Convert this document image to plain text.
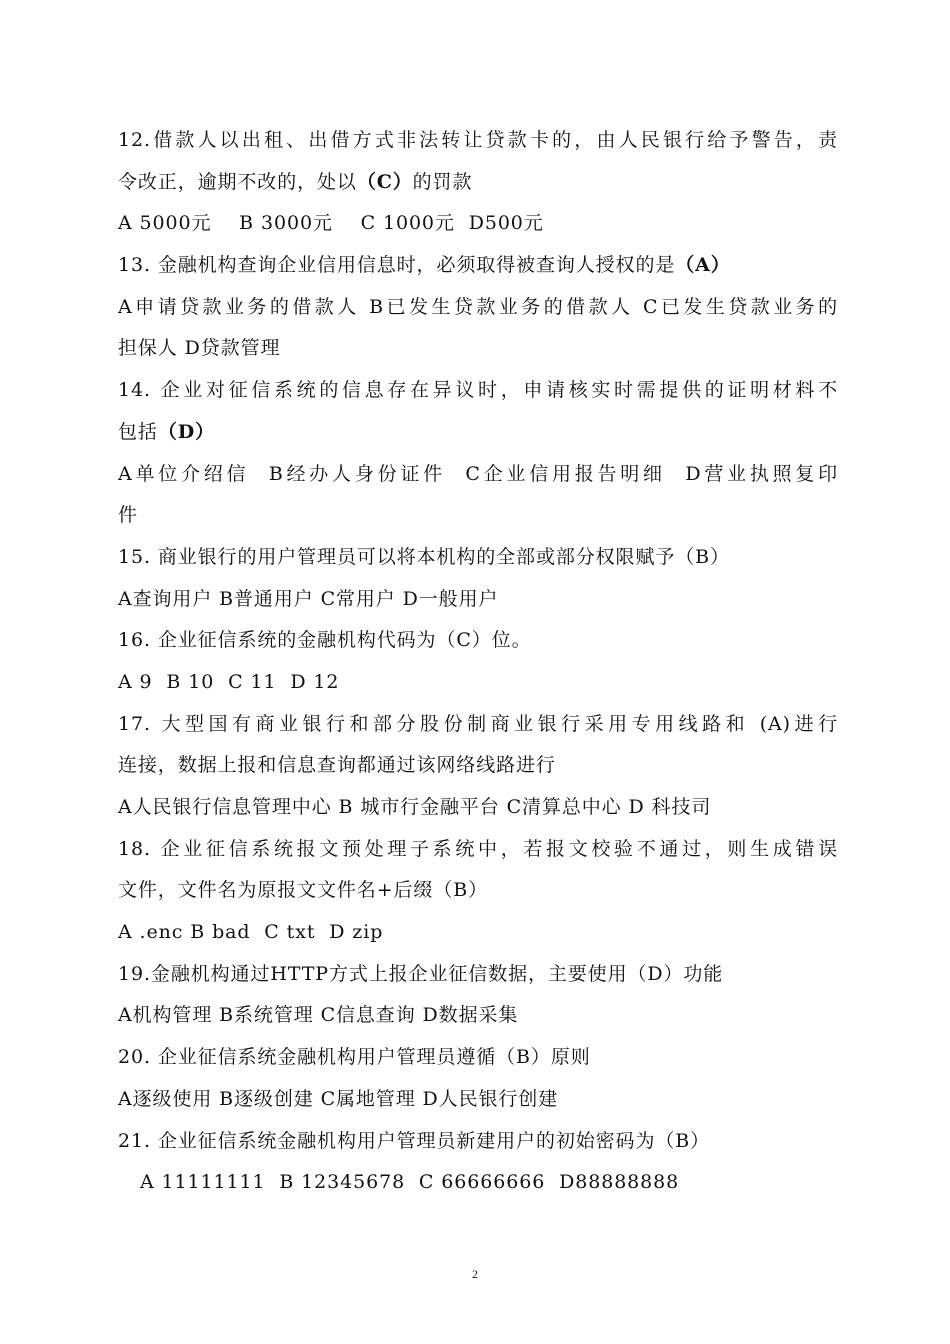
12.借款人以出租、出借方式非法转让贷款卡的，由人民银行给予警告，责
令改正，逾期不改的，处以（C）的罚款
A 5000元    B 3000元    C 1000元  D500元
13. 金融机构查询企业信用信息时，必须取得被查询人授权的是（A）
A申请贷款业务的借款人 B已发生贷款业务的借款人 C已发生贷款业务的
担保人 D贷款管理
14. 企业对征信系统的信息存在异议时，申请核实时需提供的证明材料不
包括（D）
A单位介绍信  B经办人身份证件  C企业信用报告明细  D营业执照复印
件
15. 商业银行的用户管理员可以将本机构的全部或部分权限赋予（B）
A查询用户 B普通用户 C常用户 D一般用户
16. 企业征信系统的金融机构代码为（C）位。
A 9  B 10  C 11  D 12
17. 大型国有商业银行和部分股份制商业银行采用专用线路和 (A)进行
连接，数据上报和信息查询都通过该网络线路进行
A人民银行信息管理中心 B 城市行金融平台 C清算总中心 D 科技司
18. 企业征信系统报文预处理子系统中，若报文校验不通过，则生成错误
文件，文件名为原报文文件名+后缀（B）
A .enc B bad  C txt  D zip
19.金融机构通过HTTP方式上报企业征信数据，主要使用（D）功能
A机构管理 B系统管理 C信息查询 D数据采集
20. 企业征信系统金融机构用户管理员遵循（B）原则
A逐级使用 B逐级创建 C属地管理 D人民银行创建
21. 企业征信系统金融机构用户管理员新建用户的初始密码为（B）
A 11111111  B 12345678  C 66666666  D88888888
2
